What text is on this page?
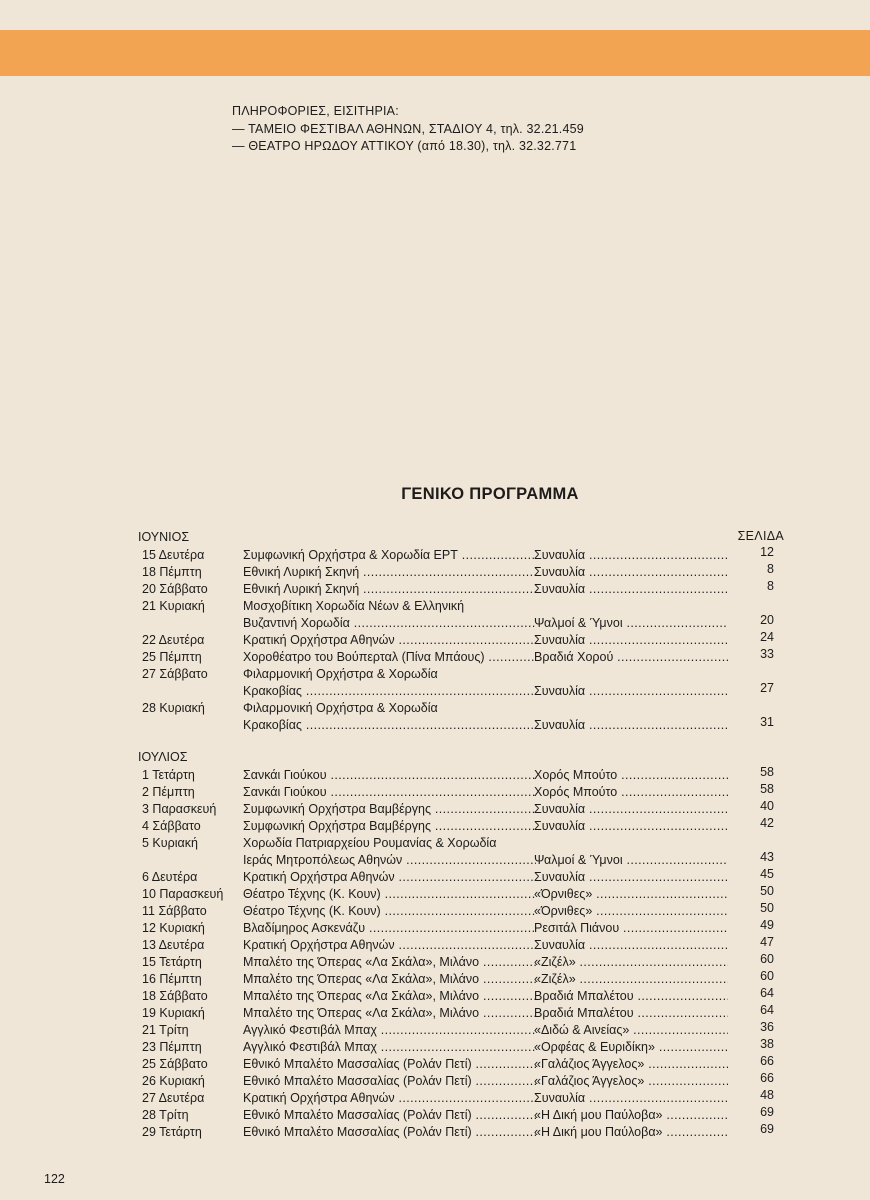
ΠΛΗΡΟΦΟΡΙΕΣ, ΕΙΣΙΤΗΡΙΑ:
— ΤΑΜΕΙΟ ΦΕΣΤΙΒΑΛ ΑΘΗΝΩΝ, ΣΤΑΔΙΟΥ 4, τηλ. 32.21.459
— ΘΕΑΤΡΟ ΗΡΩΔΟΥ ΑΤΤΙΚΟΥ (από 18.30), τηλ. 32.32.771
ΓΕΝΙΚΟ ΠΡΟΓΡΑΜΜΑ
ΙΟΥΝΙΟΣ	ΣΕΛΙΔΑ
15 Δευτέρα	Συμφωνική Ορχήστρα & Χορωδία ΕΡΤ .....	Συναυλία .....	12
18 Πέμπτη	Εθνική Λυρική Σκηνή .....	Συναυλία .....	8
20 Σάββατο	Εθνική Λυρική Σκηνή .....	Συναυλία .....	8
21 Κυριακή	Μοσχοβίτικη Χορωδία Νέων & Ελληνική
Βυζαντινή Χορωδία .....	Ψαλμοί & Ύμνοι .....	20
22 Δευτέρα	Κρατική Ορχήστρα Αθηνών .....	Συναυλία .....	24
25 Πέμπτη	Χοροθέατρο του Βούπερταλ (Πίνα Μπάους) .....	Βραδιά Χορού .....	33
27 Σάββατο	Φιλαρμονική Ορχήστρα & Χορωδία
Κρακοβίας .....	Συναυλία .....	27
28 Κυριακή	Φιλαρμονική Ορχήστρα & Χορωδία
Κρακοβίας .....	Συναυλία .....	31
ΙΟΥΛΙΟΣ
1 Τετάρτη	Σανκάι Γιούκου .....	Χορός Μπούτο .....	58
2 Πέμπτη	Σανκάι Γιούκου .....	Χορός Μπούτο .....	58
3 Παρασκευή Συμφωνική Ορχήστρα Βαμβέργης .....	Συναυλία .....	40
4 Σάββατο	Συμφωνική Ορχήστρα Βαμβέργης .....	Συναυλία .....	42
5 Κυριακή	Χορωδία Πατριαρχείου Ρουμανίας & Χορωδία
Ιεράς Μητροπόλεως Αθηνών .....	Ψαλμοί & Ύμνοι .....	43
6 Δευτέρα	Κρατική Ορχήστρα Αθηνών .....	Συναυλία .....	45
10 Παρασκευή Θέατρο Τέχνης (Κ. Κουν) .....	«Όρνιθες» .....	50
11 Σάββατο	Θέατρο Τέχνης (Κ. Κουν) .....	«Όρνιθες» .....	50
12 Κυριακή	Βλαδίμηρος Ασκενάζυ .....	Ρεσιτάλ Πιάνου .....	49
13 Δευτέρα	Κρατική Ορχήστρα Αθηνών .....	Συναυλία .....	47
15 Τετάρτη	Μπαλέτο της Όπερας «Λα Σκάλα», Μιλάνο .....	«Ζιζέλ» .....	60
16 Πέμπτη	Μπαλέτο της Όπερας «Λα Σκάλα», Μιλάνο .....	«Ζιζέλ» .....	60
18 Σάββατο	Μπαλέτο της Όπερας «Λα Σκάλα», Μιλάνο .....	Βραδιά Μπαλέτου .....	64
19 Κυριακή	Μπαλέτο της Όπερας «Λα Σκάλα», Μιλάνο .....	Βραδιά Μπαλέτου .....	64
21 Τρίτη	Αγγλικό Φεστιβάλ Μπαχ .....	«Διδώ & Αινείας» .....	36
23 Πέμπτη	Αγγλικό Φεστιβάλ Μπαχ .....	«Ορφέας & Ευριδίκη» .....	38
25 Σάββατο	Εθνικό Μπαλέτο Μασσαλίας (Ρολάν Πετί) .....	«Γαλάζιος Άγγελος» .....	66
26 Κυριακή	Εθνικό Μπαλέτο Μασσαλίας (Ρολάν Πετί) .....	«Γαλάζιος Άγγελος» .....	66
27 Δευτέρα	Κρατική Ορχήστρα Αθηνών .....	Συναυλία .....	48
28 Τρίτη	Εθνικό Μπαλέτο Μασσαλίας (Ρολάν Πετί) .....	«Η Δική μου Παύλοβα» .....	69
29 Τετάρτη	Εθνικό Μπαλέτο Μασσαλίας (Ρολάν Πετί) .....	«Η Δική μου Παύλοβα» .....	69
122
